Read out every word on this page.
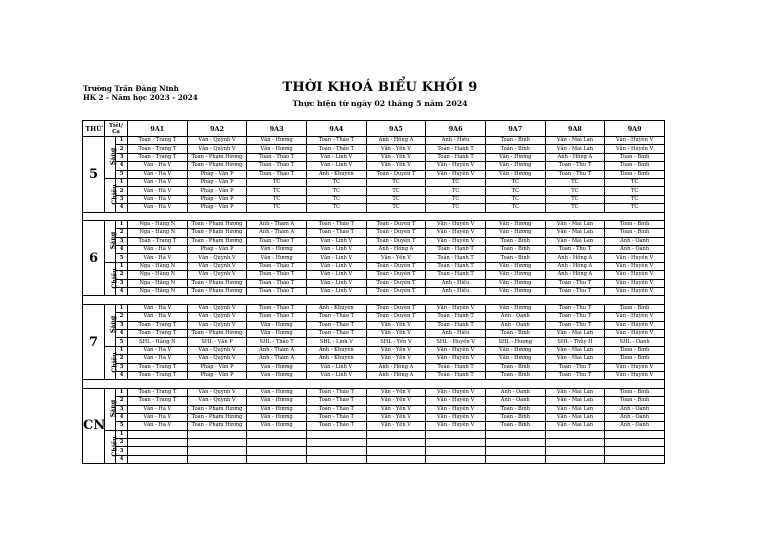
Trường Trần Đăng Ninh
HK 2 - Năm học 2023 - 2024
THỜI KHOÁ BIỂU KHỐI 9
Thực hiện từ ngày 02 tháng 5 năm 2024
THỨ	Tiết/ Ca		9A1	9A2	9A3	9A4	9A5	9A6	9A7	9A8	9A9
5	Sáng	1	Toán - Trang T	Văn - Quỳnh V	Văn - Hương	Toán - Thảo T	Anh - Hồng A	Anh - Hiếu	Toán - Bình	Văn - Mai Lan	Văn - Huyền V
		2	Toán - Trang T	Văn - Quỳnh V	Văn - Hương	Toán - Thảo T	Văn - Yến V	Toán - Hạnh T	Toán - Bình	Văn - Mai Lan	Văn - Huyền V
		3	Toán - Trang T	Toán - Phạm Hương	Toán - Thảo T	Văn - Linh V	Văn - Yến V	Toán - Hạnh T	Văn - Hương	Anh - Hồng A	Toán - Bình
		4	Văn - Hà V	Toán - Phạm Hương	Toán - Thảo T	Văn - Linh V	Văn - Yến V	Văn - Huyền V	Văn - Hương	Toán - Thu T	Toán - Bình
		5	Văn - Hà V	Pháp - Văn P	Toán - Thảo T	Anh - Khuyên	Toán - Duyên T	Văn - Huyền V	Văn - Hương	Toán - Thu T	Toán - Bình
	Chiều	1	Văn - Hà V	Pháp - Văn P	TC	TC	TC	TC	TC	TC	TC
		2	Văn - Hà V	Pháp - Văn P	TC	TC	TC	TC	TC	TC	TC
		3	Văn - Hà V	Pháp - Văn P	TC	TC	TC	TC	TC	TC	TC
		4	Văn - Hà V	Pháp - Văn P	TC	TC	TC	TC	TC	TC	TC

6	Sáng	1	Nga - Hằng N	Toán - Phạm Hương	Anh - Thắm A	Toán - Thảo T	Toán - Duyên T	Văn - Huyền V	Văn - Hương	Văn - Mai Lan	Toán - Bình
		2	Nga - Hằng N	Toán - Phạm Hương	Anh - Thắm A	Toán - Thảo T	Toán - Duyên T	Văn - Huyền V	Văn - Hương	Văn - Mai Lan	Toán - Bình
		3	Toán - Trang T	Toán - Phạm Hương	Toán - Thảo T	Văn - Linh V	Toán - Duyên T	Văn - Huyền V	Toán - Bình	Văn - Mai Lan	Anh - Oanh
		4	Văn - Hà V	Pháp - Văn P	Văn - Hương	Văn - Linh V	Anh - Hồng A	Toán - Hạnh T	Toán - Bình	Toán - Thu T	Anh - Oanh
		5	Văn - Hà V	Văn - Quỳnh V	Văn - Hương	Văn - Linh V	Văn - Yến V	Toán - Hạnh T	Toán - Bình	Anh - Hồng A	Văn - Huyền V
	Chiều	1	Nga - Hằng N	Văn - Quỳnh V	Toán - Thảo T	Văn - Linh V	Toán - Duyên T	Toán - Hạnh T	Văn - Hương	Anh - Hồng A	Văn - Huyền V
		2	Nga - Hằng N	Văn - Quỳnh V	Toán - Thảo T	Văn - Linh V	Toán - Duyên T	Toán - Hạnh T	Văn - Hương	Anh - Hồng A	Văn - Huyền V
		3	Nga - Hằng N	Toán - Phạm Hương	Toán - Thảo T	Văn - Linh V	Toán - Duyên T	Anh - Hiếu	Văn - Hương	Toán - Thu T	Văn - Huyền V
		4	Nga - Hằng N	Toán - Phạm Hương	Toán - Thảo T	Văn - Linh V	Toán - Duyên T	Anh - Hiếu	Văn - Hương	Toán - Thu T	Văn - Huyền V

7	Sáng	1	Văn - Hà V	Văn - Quỳnh V	Toán - Thảo T	Anh - Khuyên	Toán - Duyên T	Văn - Huyền V	Văn - Hương	Toán - Thu T	Toán - Bình
		2	Văn - Hà V	Văn - Quỳnh V	Toán - Thảo T	Toán - Thảo T	Toán - Duyên T	Toán - Hạnh T	Anh - Oanh	Toán - Thu T	Văn - Huyền V
		3	Toán - Trang T	Văn - Quỳnh V	Văn - Hương	Toán - Thảo T	Văn - Yến V	Toán - Hạnh T	Anh - Oanh	Toán - Thu T	Văn - Huyền V
		4	Toán - Trang T	Toán - Phạm Hương	Văn - Hương	Toán - Thảo T	Văn - Yến V	Anh - Hiếu	Toán - Bình	Văn - Mai Lan	Văn - Huyền V
		5	SHL - Hằng N	SHL - Văn P	SHL - Thảo T	SHL - Linh V	SHL - Yến V	SHL - Huyền V	SHL - Hương	SHL - Thủy H	SHL - Oanh
	Chiều	1	Văn - Hà V	Văn - Quỳnh V	Anh - Thắm A	Anh - Khuyên	Văn - Yến V	Văn - Huyền V	Văn - Hương	Văn - Mai Lan	Toán - Bình
		2	Văn - Hà V	Văn - Quỳnh V	Anh - Thắm A	Anh - Khuyên	Văn - Yến V	Văn - Huyền V	Văn - Hương	Văn - Mai Lan	Toán - Bình
		3	Toán - Trang T	Pháp - Văn P	Văn - Hương	Văn - Linh V	Anh - Hồng A	Toán - Hạnh T	Toán - Bình	Toán - Thu T	Văn - Huyền V
		4	Toán - Trang T	Pháp - Văn P	Văn - Hương	Văn - Linh V	Anh - Hồng A	Toán - Hạnh T	Toán - Bình	Toán - Thu T	Văn - Huyền V

CN	Sáng	1	Toán - Trang T	Văn - Quỳnh V	Văn - Hương	Toán - Thảo T	Văn - Yến V	Văn - Huyền V	Anh - Oanh	Văn - Mai Lan	Toán - Bình
		2	Toán - Trang T	Văn - Quỳnh V	Văn - Hương	Toán - Thảo T	Văn - Yến V	Văn - Huyền V	Anh - Oanh	Văn - Mai Lan	Toán - Bình
		3	Văn - Hà V	Toán - Phạm Hương	Văn - Hương	Toán - Thảo T	Văn - Yến V	Văn - Huyền V	Toán - Bình	Văn - Mai Lan	Anh - Oanh
		4	Văn - Hà V	Toán - Phạm Hương	Văn - Hương	Toán - Thảo T	Văn - Yến V	Văn - Huyền V	Toán - Bình	Văn - Mai Lan	Anh - Oanh
		5	Văn - Hà V	Toán - Phạm Hương	Văn - Hương	Toán - Thảo T	Văn - Yến V	Văn - Huyền V	Toán - Bình	Văn - Mai Lan	Anh - Oanh
	Chiều	1									
		2									
		3									
		4									
